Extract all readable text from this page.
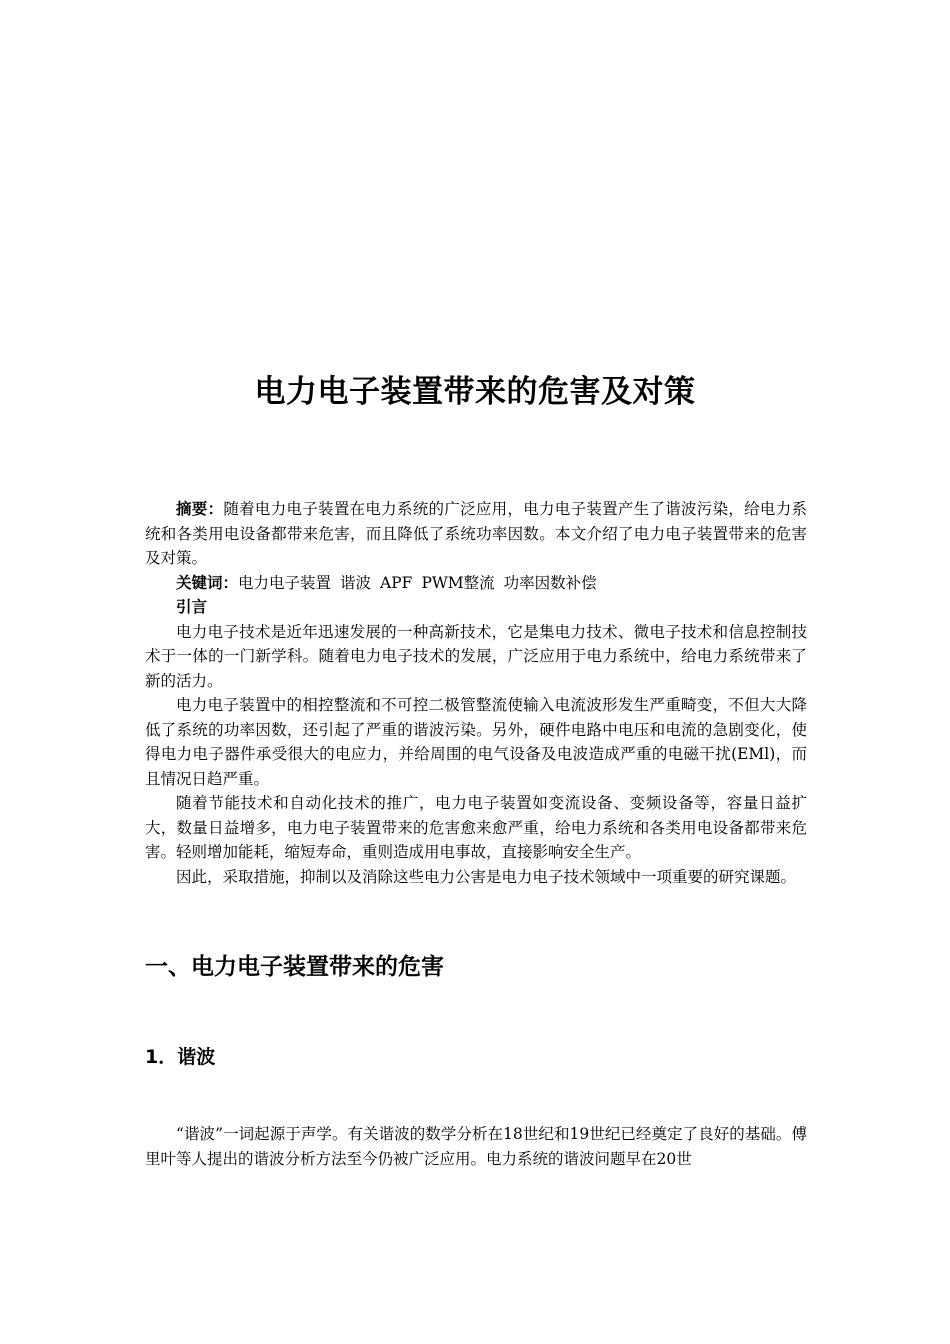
电力电子装置带来的危害及对策

摘要：随着电力电子装置在电力系统的广泛应用，电力电子装置产生了谐波污染，给电力系统和各类用电设备都带来危害，而且降低了系统功率因数。本文介绍了电力电子装置带来的危害及对策。

关键词：电力电子装置 谐波 APF PWM整流 功率因数补偿

引言

电力电子技术是近年迅速发展的一种高新技术，它是集电力技术、微电子技术和信息控制技术于一体的一门新学科。随着电力电子技术的发展，广泛应用于电力系统中，给电力系统带来了新的活力。

电力电子装置中的相控整流和不可控二极管整流使输入电流波形发生严重畸变，不但大大降低了系统的功率因数，还引起了严重的谐波污染。另外，硬件电路中电压和电流的急剧变化，使得电力电子器件承受很大的电应力，并给周围的电气设备及电波造成严重的电磁干扰(EMl)，而且情况日趋严重。

随着节能技术和自动化技术的推广，电力电子装置如变流设备、变频设备等，容量日益扩大，数量日益增多，电力电子装置带来的危害愈来愈严重，给电力系统和各类用电设备都带来危害。轻则增加能耗，缩短寿命，重则造成用电事故，直接影响安全生产。

因此，采取措施，抑制以及消除这些电力公害是电力电子技术领域中一项重要的研究课题。

一、电力电子装置带来的危害
1．谐波

“谐波”一词起源于声学。有关谐波的数学分析在18世纪和19世纪已经奠定了良好的基础。傅里叶等人提出的谐波分析方法至今仍被广泛应用。电力系统的谐波问题早在20世
